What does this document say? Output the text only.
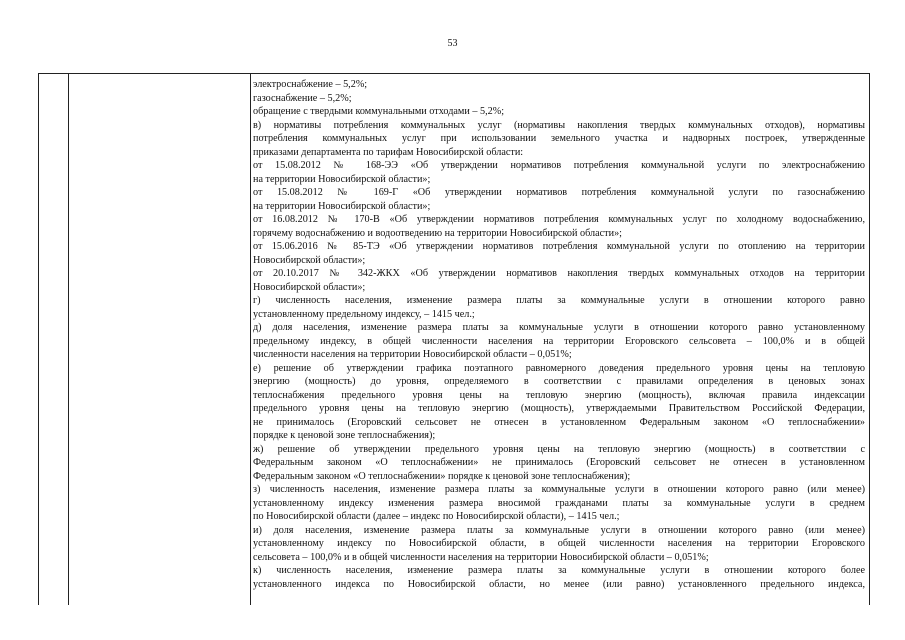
53
электроснабжение – 5,2%;
газоснабжение – 5,2%;
обращение с твердыми коммунальными отходами – 5,2%;
в) нормативы потребления коммунальных услуг (нормативы накопления твердых коммунальных отходов), нормативы
потребления коммунальных услуг при использовании земельного участка и надворных построек, утвержденные
приказами департамента по тарифам Новосибирской области:
от 15.08.2012 № 168-ЭЭ «Об утверждении нормативов потребления коммунальной услуги по электроснабжению
на территории Новосибирской области»;
от 15.08.2012 № 169-Г «Об утверждении нормативов потребления коммунальной услуги по газоснабжению
на территории Новосибирской области»;
от 16.08.2012 № 170-В «Об утверждении нормативов потребления коммунальных услуг по холодному водоснабжению,
горячему водоснабжению и водоотведению на территории Новосибирской области»;
от 15.06.2016 № 85-ТЭ «Об утверждении нормативов потребления коммунальной услуги по отоплению на территории
Новосибирской области»;
от 20.10.2017 № 342-ЖКХ «Об утверждении нормативов накопления твердых коммунальных отходов на территории
Новосибирской области»;
г) численность населения, изменение размера платы за коммунальные услуги в отношении которого равно
установленному предельному индексу, – 1415 чел.;
д) доля населения, изменение размера платы за коммунальные услуги в отношении которого равно установленному
предельному индексу, в общей численности населения на территории Егоровского сельсовета – 100,0% и в общей
численности населения на территории Новосибирской области – 0,051%;
е) решение об утверждении графика поэтапного равномерного доведения предельного уровня цены на тепловую
энергию (мощность) до уровня, определяемого в соответствии с правилами определения в ценовых зонах
теплоснабжения предельного уровня цены на тепловую энергию (мощность), включая правила индексации
предельного уровня цены на тепловую энергию (мощность), утверждаемыми Правительством Российской Федерации,
не принималось (Егоровский сельсовет не отнесен в установленном Федеральным законом «О теплоснабжении»
порядке к ценовой зоне теплоснабжения);
ж) решение об утверждении предельного уровня цены на тепловую энергию (мощность) в соответствии с
Федеральным законом «О теплоснабжении» не принималось (Егоровский сельсовет не отнесен в установленном
Федеральным законом «О теплоснабжении» порядке к ценовой зоне теплоснабжения);
з) численность населения, изменение размера платы за коммунальные услуги в отношении которого равно (или менее)
установленному индексу изменения размера вносимой гражданами платы за коммунальные услуги в среднем
по Новосибирской области (далее – индекс по Новосибирской области), – 1415 чел.;
и) доля населения, изменение размера платы за коммунальные услуги в отношении которого равно (или менее)
установленному индексу по Новосибирской области, в общей численности населения на территории Егоровского
сельсовета – 100,0% и в общей численности населения на территории Новосибирской области – 0,051%;
к) численность населения, изменение размера платы за коммунальные услуги в отношении которого более
установленного индекса по Новосибирской области, но менее (или равно) установленного предельного индекса,
